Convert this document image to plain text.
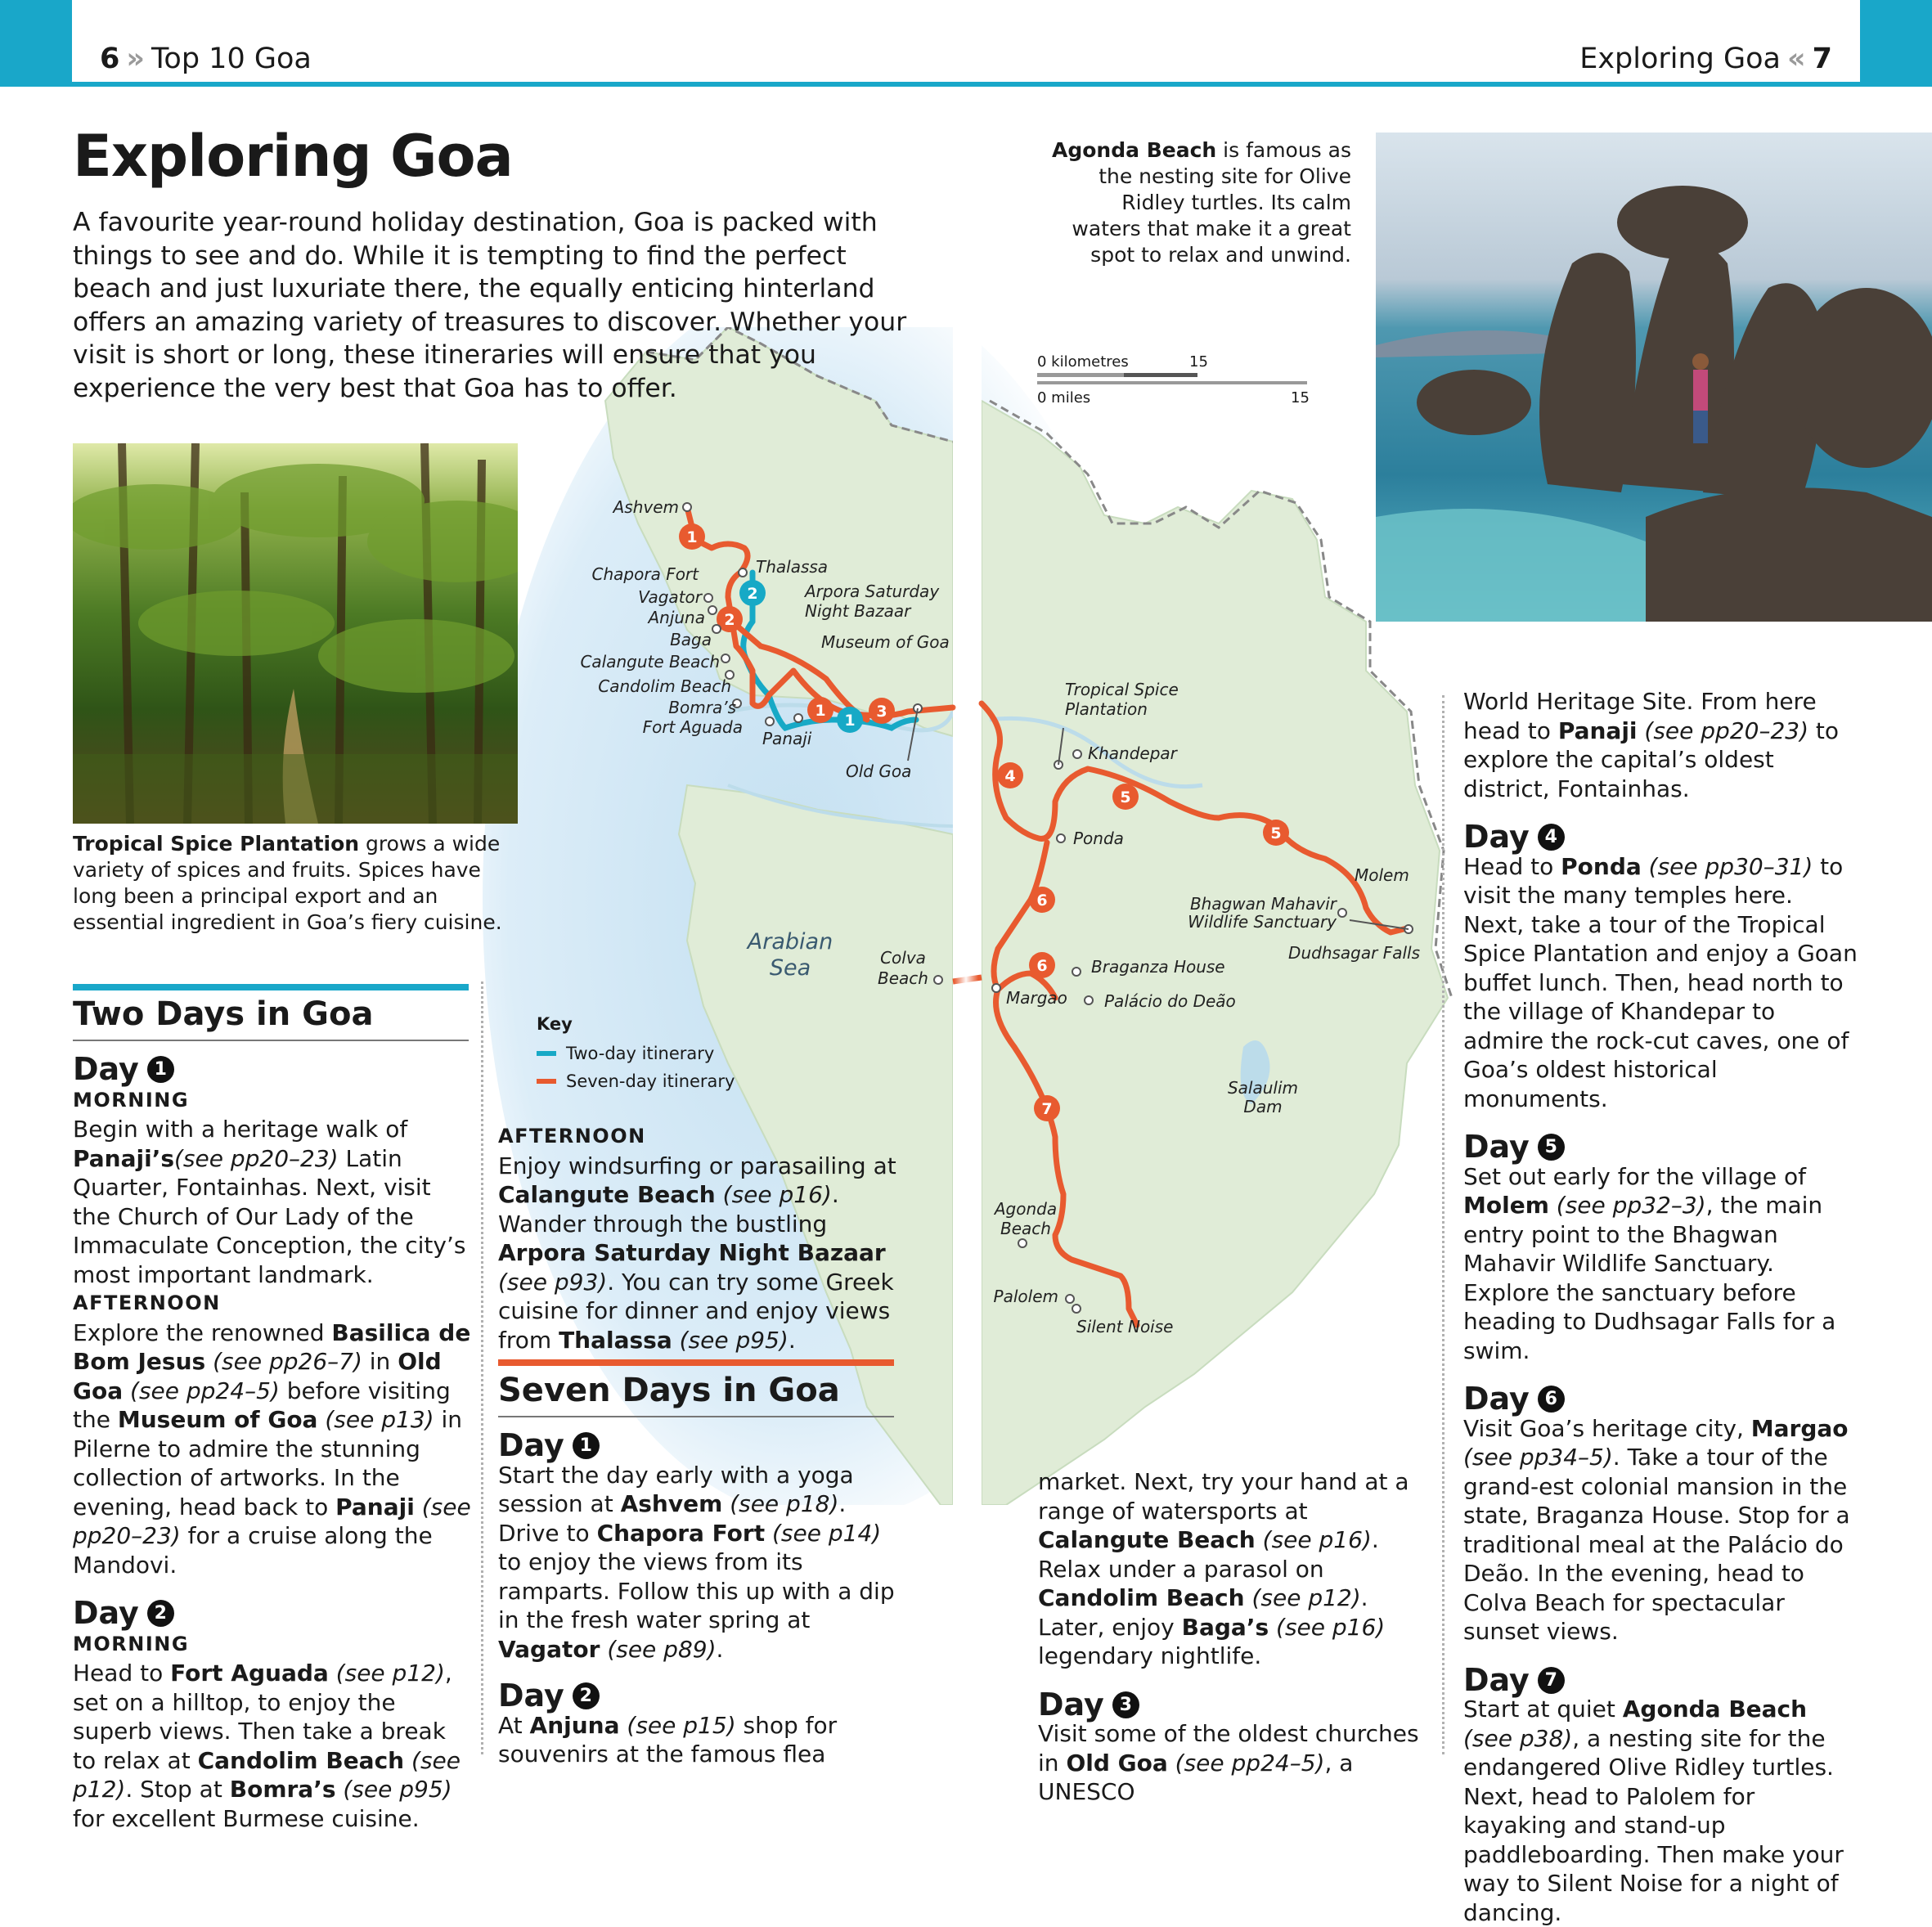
6 » Top 10 Goa	Exploring Goa « 7
1
2
2
1
1	3
4
5
5
6
6
7
Ashvem
Chapora Fort	Thalassa
Vagator
Anjuna
Baga
Calangute Beach
Candolim Beach
Bomra’s
Fort Aguada
Panaji
Arpora Saturday
Night Bazaar
Museum of Goa
Old Goa
Tropical Spice
Plantation
Khandepar
Ponda
Molem
Bhagwan Mahavir
Wildlife Sanctuary
Dudhsagar Falls
Arabian
Sea	Colva
Beach
Braganza House
Margao Palácio do Deão
Salaulim
Dam
Agonda
Beach
Palolem
Silent Noise
Exploring Goa
A favourite year-round holiday destination, Goa is packed with things to see and do. While it is tempting to find the perfect beach and just luxuriate there, the equally enticing hinterland offers an amazing variety of treasures to discover. Whether your visit is short or long, these itineraries will ensure that you experience the very best that Goa has to offer.
Tropical Spice Plantation grows a wide variety of spices and fruits. Spices have long been a principal export and an essential ingredient in Goa’s fiery cuisine.
Agonda Beach is famous as the nesting site for Olive Ridley turtles. Its calm waters that make it a great spot to relax and unwind.
0 kilometres	15
0 miles	15
Key
Two-day itinerary
Seven-day itinerary
Two Days in Goa
Day 1
MORNING
Begin with a heritage walk of Panaji’s(see pp20–23) Latin Quarter, Fontainhas. Next, visit the Church of Our Lady of the Immaculate Conception, the city’s most important landmark.
AFTERNOON
Explore the renowned Basilica de Bom Jesus (see pp26–7) in Old Goa (see pp24–5) before visiting the Museum of Goa (see p13) in Pilerne to admire the stunning collection of artworks. In the evening, head back to Panaji (see pp20–23) for a cruise along the Mandovi.
Day 2
MORNING
Head to Fort Aguada (see p12), set on a hilltop, to enjoy the superb views. Then take a break to relax at Candolim Beach (see p12). Stop at Bomra’s (see p95) for excellent Burmese cuisine.
AFTERNOON
Enjoy windsurfing or parasailing at Calangute Beach (see p16). Wander through the bustling Arpora Saturday Night Bazaar (see p93). You can try some Greek cuisine for dinner and enjoy views from Thalassa (see p95).
Seven Days in Goa
Day 1
Start the day early with a yoga session at Ashvem (see p18). Drive to Chapora Fort (see p14) to enjoy the views from its ramparts. Follow this up with a dip in the fresh water spring at Vagator (see p89).
Day 2
At Anjuna (see p15) shop for souvenirs at the famous flea
market. Next, try your hand at a range of watersports at Calangute Beach (see p16). Relax under a parasol on Candolim Beach (see p12). Later, enjoy Baga’s (see p16) legendary nightlife.
Day 3
Visit some of the oldest churches in Old Goa (see pp24–5), a UNESCO
World Heritage Site. From here head to Panaji (see pp20–23) to explore the capital’s oldest district, Fontainhas.
Day 4
Head to Ponda (see pp30–31) to visit the many temples here. Next, take a tour of the Tropical Spice Plantation and enjoy a Goan buffet lunch. Then, head north to the village of Khandepar to admire the rock-cut caves, one of Goa’s oldest historical monuments.
Day 5
Set out early for the village of Molem (see pp32–3), the main entry point to the Bhagwan Mahavir Wildlife Sanctuary. Explore the sanctuary before heading to Dudhsagar Falls for a swim.
Day 6
Visit Goa’s heritage city, Margao (see pp34–5). Take a tour of the grand-est colonial mansion in the state, Braganza House. Stop for a traditional meal at the Palácio do Deão. In the evening, head to Colva Beach for spectacular sunset views.
Day 7
Start at quiet Agonda Beach (see p38), a nesting site for the endangered Olive Ridley turtles. Next, head to Palolem for kayaking and stand-up paddleboarding. Then make your way to Silent Noise for a night of dancing.
